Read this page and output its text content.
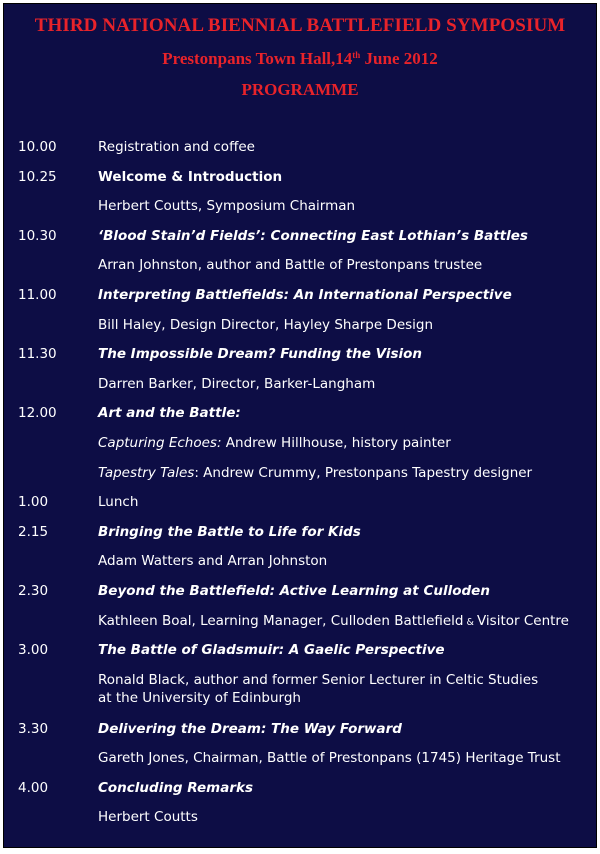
THIRD NATIONAL BIENNIAL BATTLEFIELD SYMPOSIUM
Prestonpans Town Hall,14th June 2012
PROGRAMME
10.00	Registration and coffee
10.25	Welcome & Introduction
Herbert Coutts, Symposium Chairman
10.30	‘Blood Stain’d Fields’: Connecting East Lothian’s Battles
Arran Johnston, author and Battle of Prestonpans trustee
11.00	Interpreting Battlefields: An International Perspective
Bill Haley, Design Director, Hayley Sharpe Design
11.30	The Impossible Dream? Funding the Vision
Darren Barker, Director, Barker-Langham
12.00	Art and the Battle:
Capturing Echoes: Andrew Hillhouse, history painter
Tapestry Tales: Andrew Crummy, Prestonpans Tapestry designer
1.00	Lunch
2.15	Bringing the Battle to Life for Kids
Adam Watters and Arran Johnston
2.30	Beyond the Battlefield: Active Learning at Culloden
Kathleen Boal, Learning Manager, Culloden Battlefield & Visitor Centre
3.00	The Battle of Gladsmuir: A Gaelic Perspective
Ronald Black, author and former Senior Lecturer in Celtic Studies
at the University of Edinburgh
3.30	Delivering the Dream: The Way Forward
Gareth Jones, Chairman, Battle of Prestonpans (1745) Heritage Trust
4.00	Concluding Remarks
Herbert Coutts
